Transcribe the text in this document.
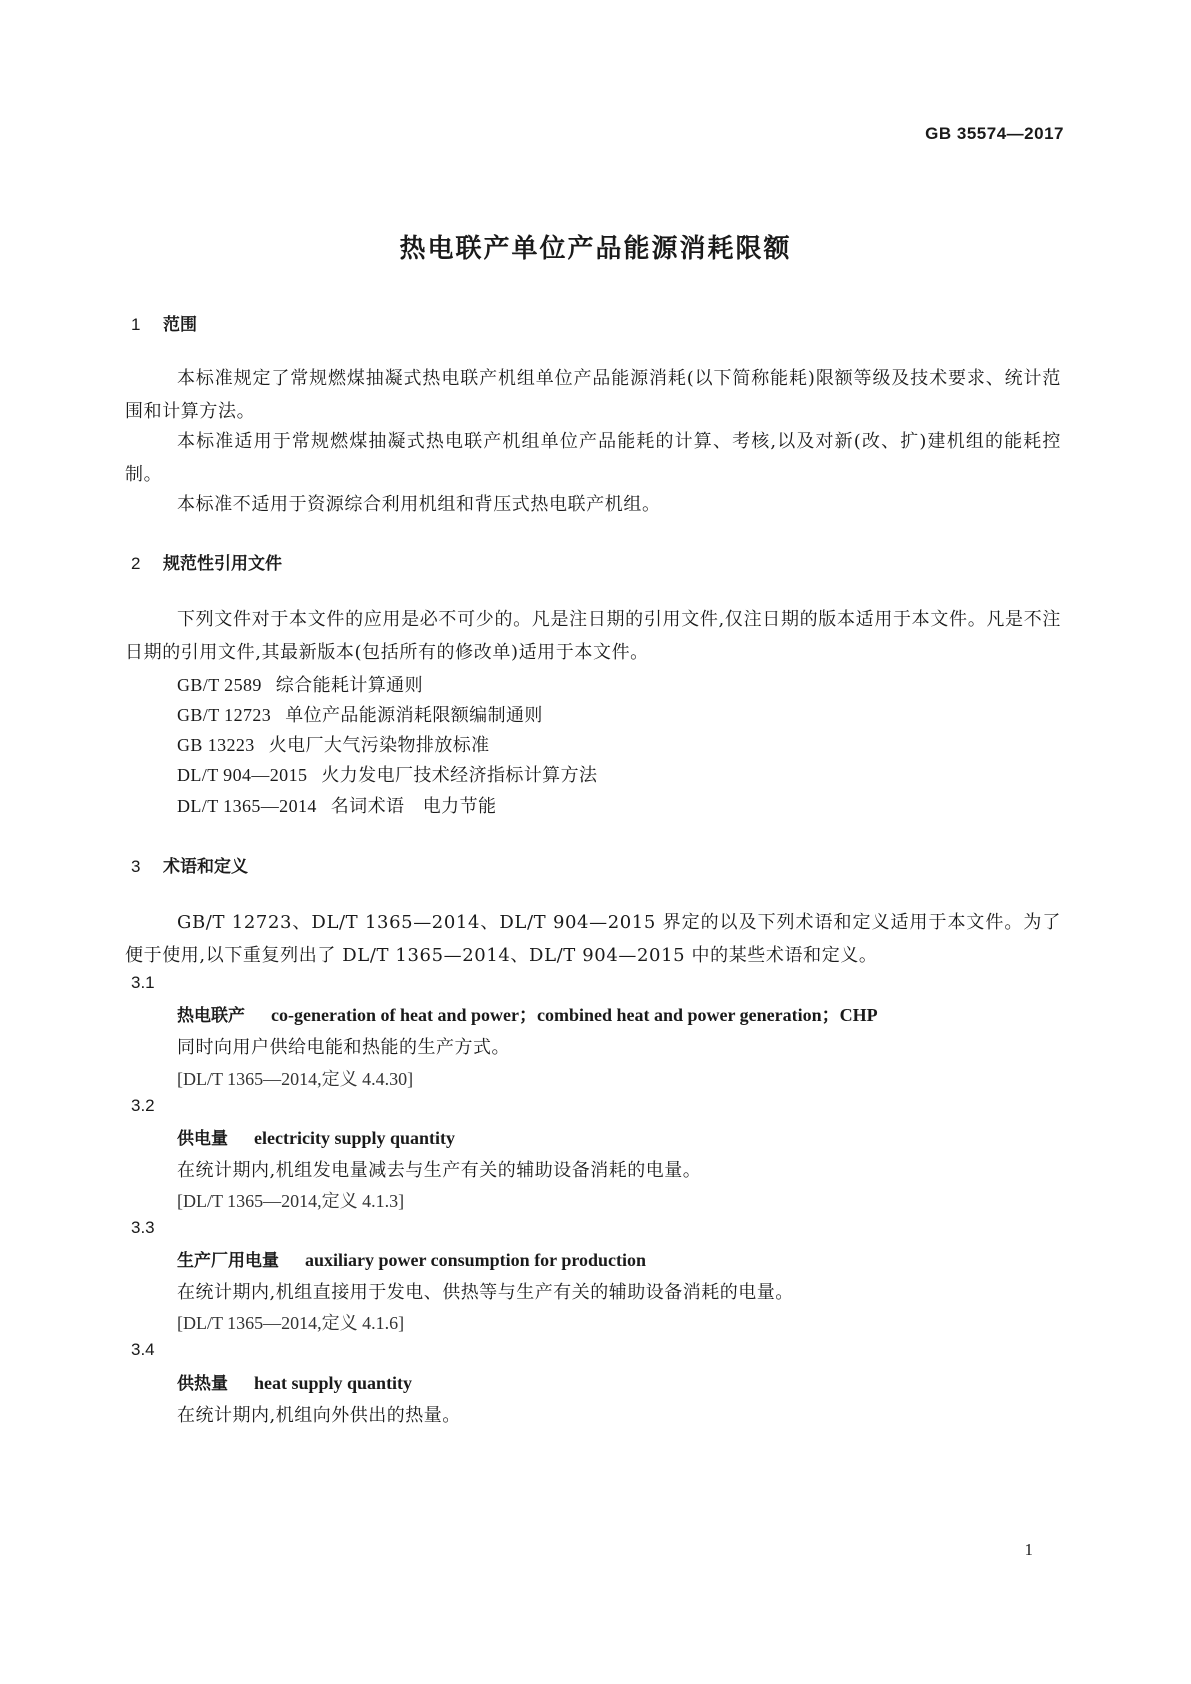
GB 35574—2017
热电联产单位产品能源消耗限额
1 范围
本标准规定了常规燃煤抽凝式热电联产机组单位产品能源消耗(以下简称能耗)限额等级及技术要求、统计范围和计算方法。
本标准适用于常规燃煤抽凝式热电联产机组单位产品能耗的计算、考核,以及对新(改、扩)建机组的能耗控制。
本标准不适用于资源综合利用机组和背压式热电联产机组。
2 规范性引用文件
下列文件对于本文件的应用是必不可少的。凡是注日期的引用文件,仅注日期的版本适用于本文件。凡是不注日期的引用文件,其最新版本(包括所有的修改单)适用于本文件。
GB/T 2589 综合能耗计算通则
GB/T 12723 单位产品能源消耗限额编制通则
GB 13223 火电厂大气污染物排放标准
DL/T 904—2015 火力发电厂技术经济指标计算方法
DL/T 1365—2014 名词术语　电力节能
3 术语和定义
GB/T 12723、DL/T 1365—2014、DL/T 904—2015 界定的以及下列术语和定义适用于本文件。为了便于使用,以下重复列出了 DL/T 1365—2014、DL/T 904—2015 中的某些术语和定义。
3.1
热电联产 co-generation of heat and power；combined heat and power generation；CHP
同时向用户供给电能和热能的生产方式。
[DL/T 1365—2014,定义 4.4.30]
3.2
供电量 electricity supply quantity
在统计期内,机组发电量减去与生产有关的辅助设备消耗的电量。
[DL/T 1365—2014,定义 4.1.3]
3.3
生产厂用电量 auxiliary power consumption for production
在统计期内,机组直接用于发电、供热等与生产有关的辅助设备消耗的电量。
[DL/T 1365—2014,定义 4.1.6]
3.4
供热量 heat supply quantity
在统计期内,机组向外供出的热量。
1
